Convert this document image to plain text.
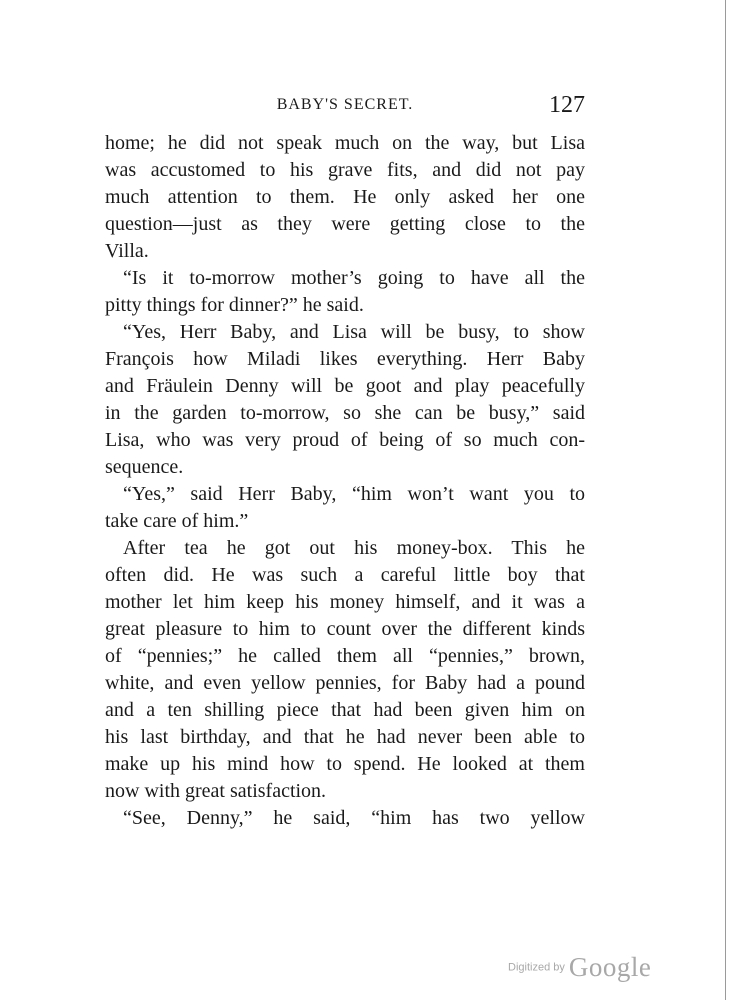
BABY'S SECRET.	127
home; he did not speak much on the way, but Lisa
was accustomed to his grave fits, and did not pay
much attention to them. He only asked her one
question—just as they were getting close to the
Villa.
“Is it to-morrow mother’s going to have all the
pitty things for dinner?” he said.
“Yes, Herr Baby, and Lisa will be busy, to show
François how Miladi likes everything. Herr Baby
and Fräulein Denny will be goot and play peacefully
in the garden to-morrow, so she can be busy,” said
Lisa, who was very proud of being of so much con-
sequence.
“Yes,” said Herr Baby, “him won’t want you to
take care of him.”
After tea he got out his money-box. This he
often did. He was such a careful little boy that
mother let him keep his money himself, and it was a
great pleasure to him to count over the different kinds
of “pennies;” he called them all “pennies,” brown,
white, and even yellow pennies, for Baby had a pound
and a ten shilling piece that had been given him on
his last birthday, and that he had never been able to
make up his mind how to spend. He looked at them
now with great satisfaction.
“See, Denny,” he said, “him has two yellow
Digitized by Google
